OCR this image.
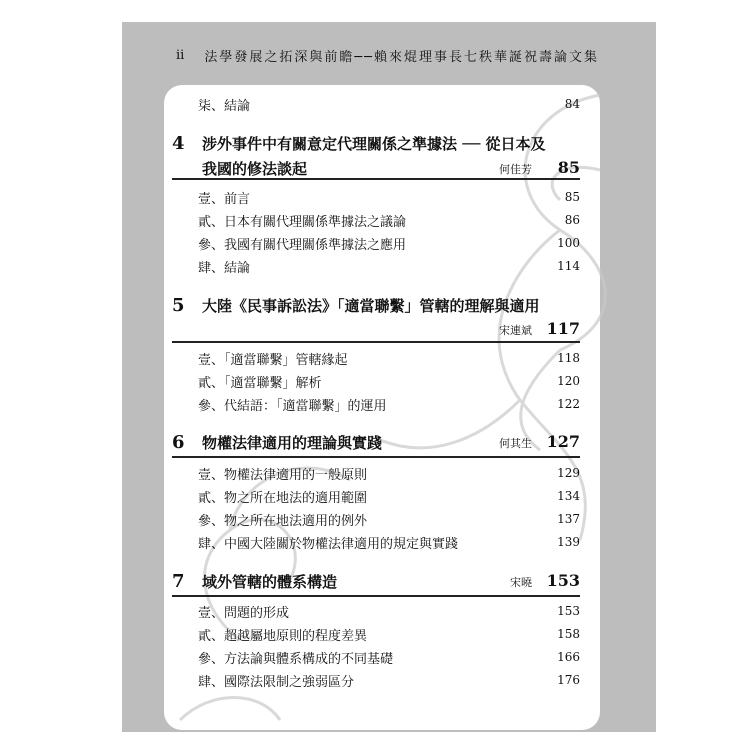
ii 法學發展之拓深與前瞻──賴來焜理事長七秩華誕祝壽論文集
柒、結論	84
4 涉外事件中有關意定代理關係之準據法 ── 從日本及
我國的修法談起	何佳芳 85
壹、前言	85
貳、日本有關代理關係準據法之議論	86
參、我國有關代理關係準據法之應用	100
肆、結論	114
5 大陸《民事訴訟法》「適當聯繫」管轄的理解與適用
宋連斌 117
壹、「適當聯繫」管轄緣起	118
貳、「適當聯繫」解析	120
參、代結語：「適當聯繫」的運用	122
6 物權法律適用的理論與實踐	何其生 127
壹、物權法律適用的一般原則	129
貳、物之所在地法的適用範圍	134
參、物之所在地法適用的例外	137
肆、中國大陸關於物權法律適用的規定與實踐	139
7 域外管轄的體系構造	宋曉 153
壹、問題的形成	153
貳、超越屬地原則的程度差異	158
參、方法論與體系構成的不同基礎	166
肆、國際法限制之強弱區分	176
